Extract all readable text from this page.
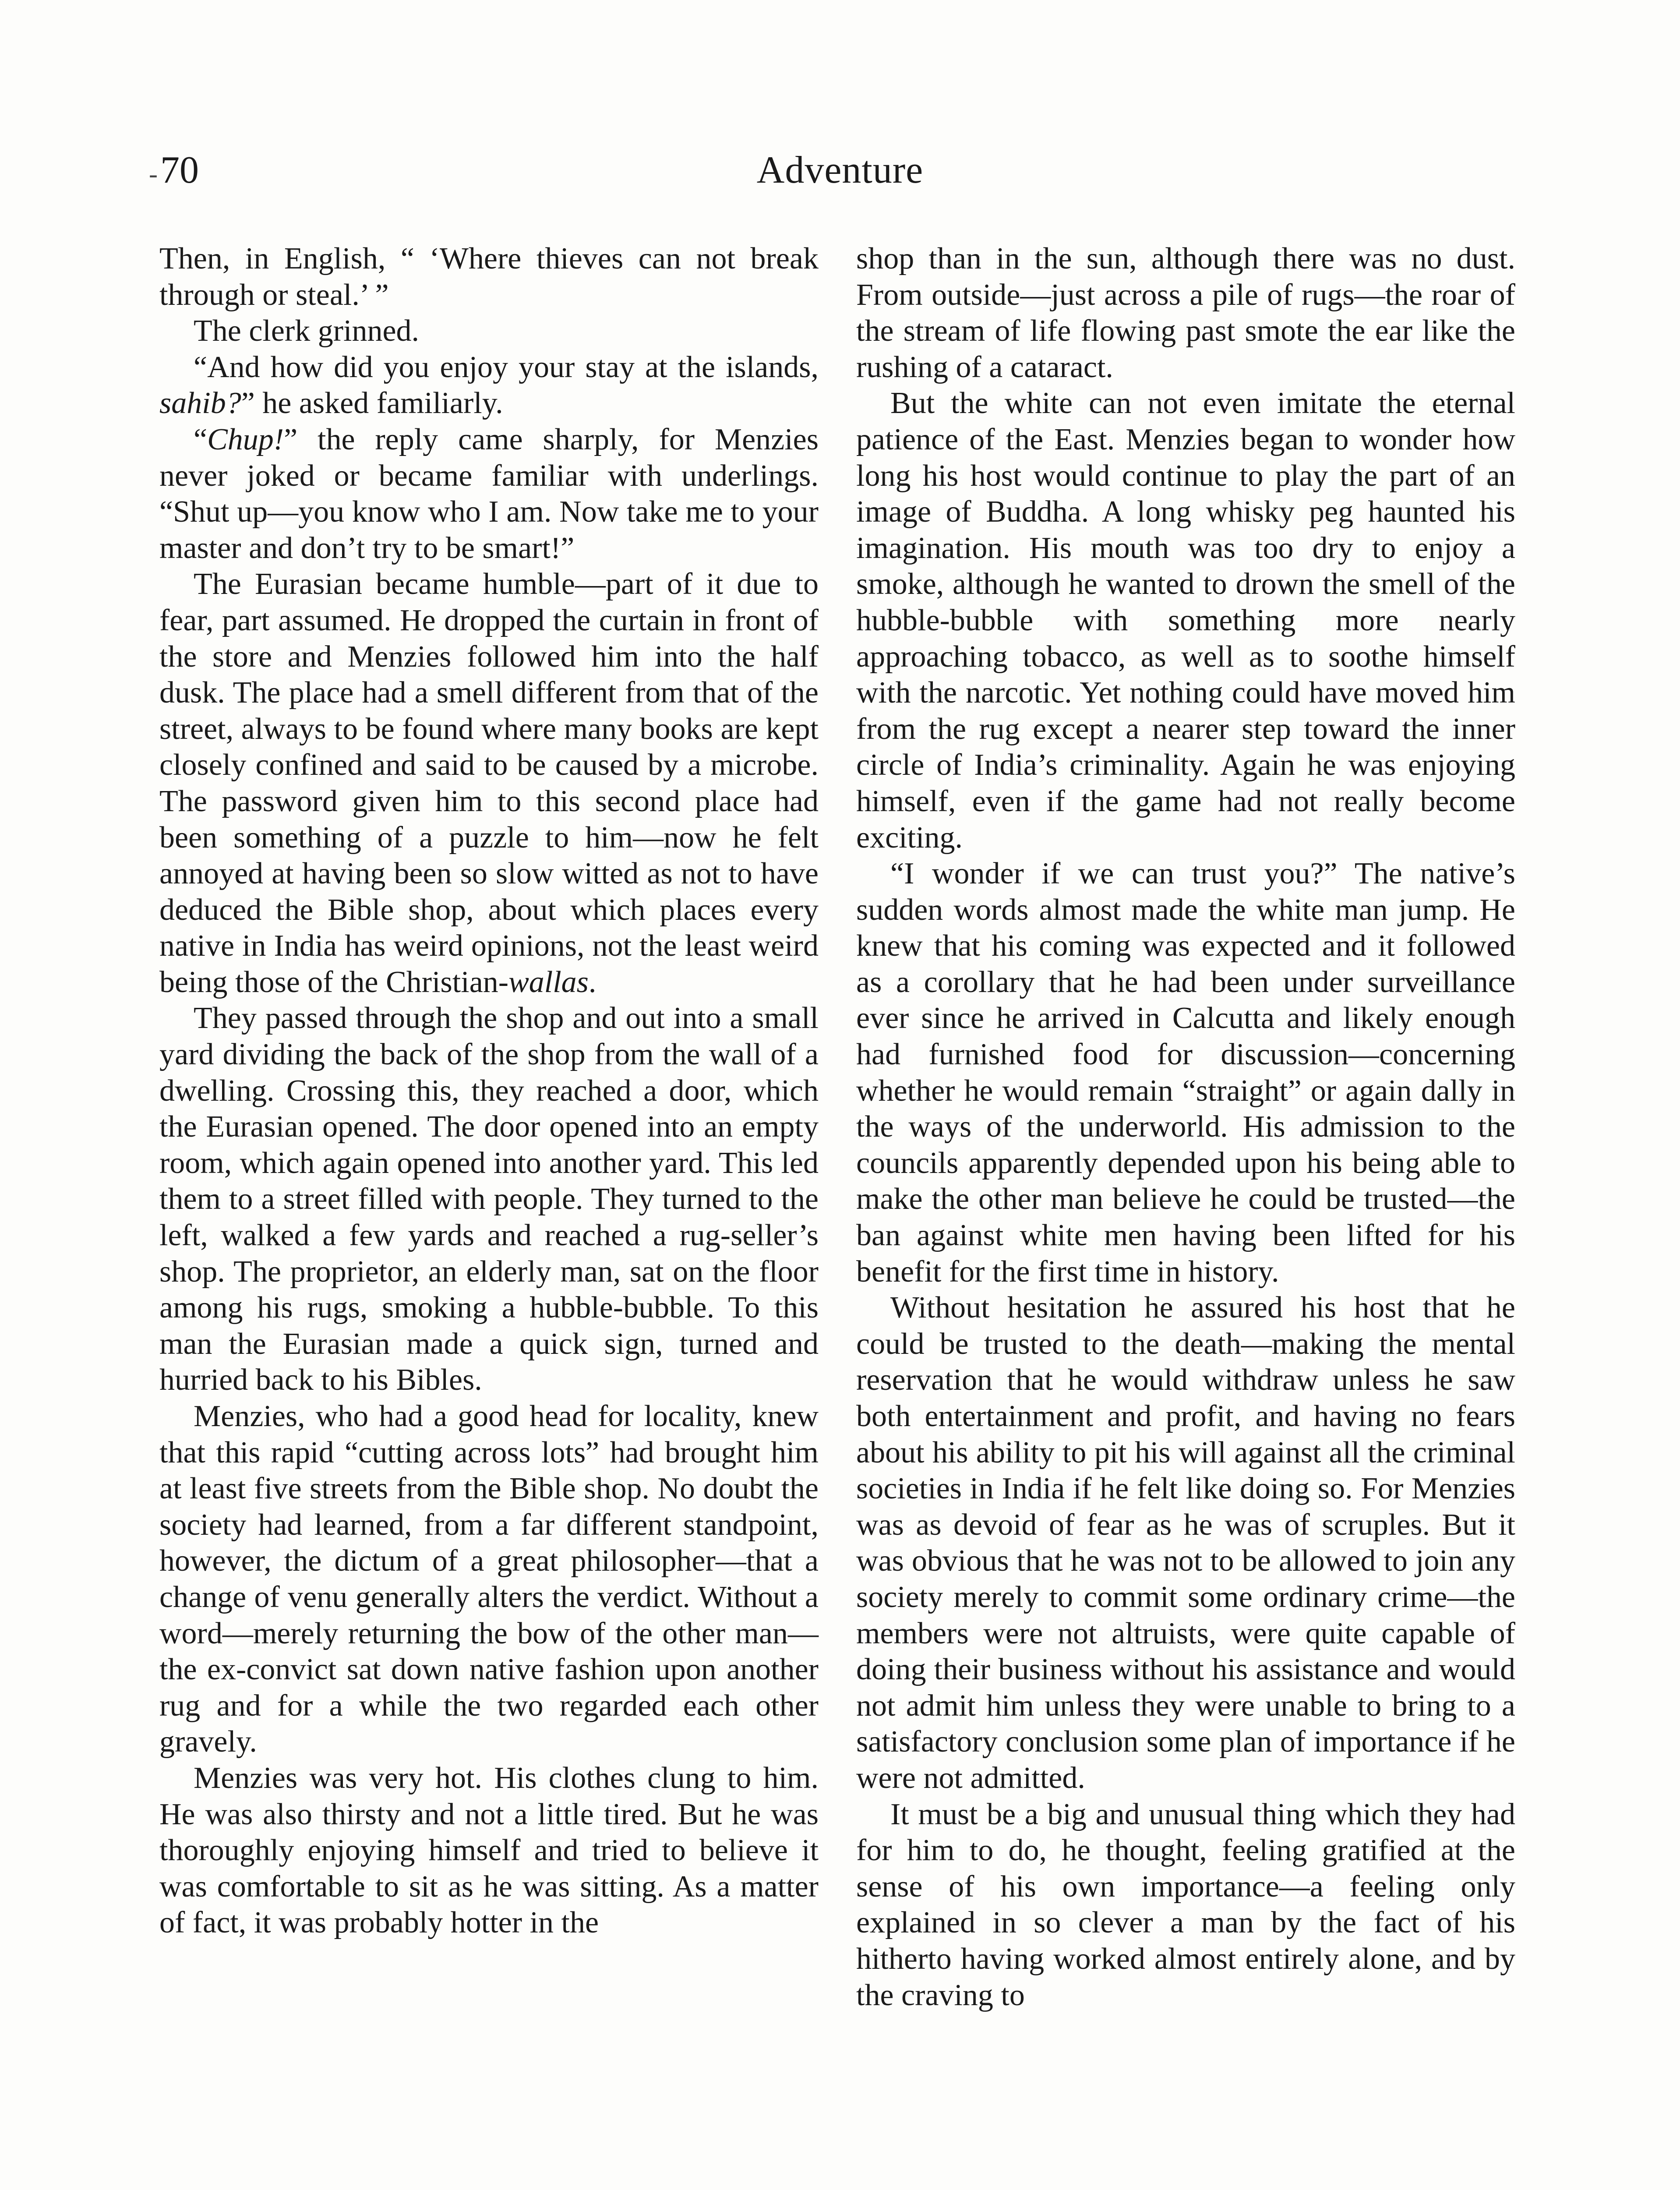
-70	Adventure

Then, in English, “ ‘Where thieves can not break through or steal.’ ”

The clerk grinned.

“And how did you enjoy your stay at the islands, sahib?” he asked familiarly.

“Chup!” the reply came sharply, for Menzies never joked or became familiar with underlings. “Shut up—you know who I am. Now take me to your master and don’t try to be smart!”

The Eurasian became humble—part of it due to fear, part assumed. He dropped the curtain in front of the store and Menzies followed him into the half dusk. The place had a smell different from that of the street, always to be found where many books are kept closely confined and said to be caused by a microbe. The password given him to this second place had been something of a puzzle to him—now he felt annoyed at having been so slow witted as not to have deduced the Bible shop, about which places every native in India has weird opinions, not the least weird being those of the Christian-wallas.

They passed through the shop and out into a small yard dividing the back of the shop from the wall of a dwelling. Crossing this, they reached a door, which the Eurasian opened. The door opened into an empty room, which again opened into another yard. This led them to a street filled with people. They turned to the left, walked a few yards and reached a rug-seller’s shop. The proprietor, an elderly man, sat on the floor among his rugs, smoking a hubble-bubble. To this man the Eurasian made a quick sign, turned and hurried back to his Bibles.

Menzies, who had a good head for locality, knew that this rapid “cutting across lots” had brought him at least five streets from the Bible shop. No doubt the society had learned, from a far different standpoint, however, the dictum of a great philosopher—that a change of venu generally alters the verdict. Without a word—merely returning the bow of the other man—the ex-convict sat down native fashion upon another rug and for a while the two regarded each other gravely.

Menzies was very hot. His clothes clung to him. He was also thirsty and not a little tired. But he was thoroughly enjoying himself and tried to believe it was comfortable to sit as he was sitting. As a matter of fact, it was probably hotter in the

shop than in the sun, although there was no dust. From outside—just across a pile of rugs—the roar of the stream of life flowing past smote the ear like the rushing of a cataract.

But the white can not even imitate the eternal patience of the East. Menzies began to wonder how long his host would continue to play the part of an image of Buddha. A long whisky peg haunted his imagination. His mouth was too dry to enjoy a smoke, although he wanted to drown the smell of the hubble-bubble with something more nearly approaching tobacco, as well as to soothe himself with the narcotic. Yet nothing could have moved him from the rug except a nearer step toward the inner circle of India’s criminality. Again he was enjoying himself, even if the game had not really become exciting.

“I wonder if we can trust you?” The native’s sudden words almost made the white man jump. He knew that his coming was expected and it followed as a corollary that he had been under surveillance ever since he arrived in Calcutta and likely enough had furnished food for discussion—concerning whether he would remain “straight” or again dally in the ways of the underworld. His admission to the councils apparently depended upon his being able to make the other man believe he could be trusted—the ban against white men having been lifted for his benefit for the first time in history.

Without hesitation he assured his host that he could be trusted to the death—making the mental reservation that he would withdraw unless he saw both entertainment and profit, and having no fears about his ability to pit his will against all the criminal societies in India if he felt like doing so. For Menzies was as devoid of fear as he was of scruples. But it was obvious that he was not to be allowed to join any society merely to commit some ordinary crime—the members were not altruists, were quite capable of doing their business without his assistance and would not admit him unless they were unable to bring to a satisfactory conclusion some plan of importance if he were not admitted.

It must be a big and unusual thing which they had for him to do, he thought, feeling gratified at the sense of his own importance—a feeling only explained in so clever a man by the fact of his hitherto having worked almost entirely alone, and by the craving to
